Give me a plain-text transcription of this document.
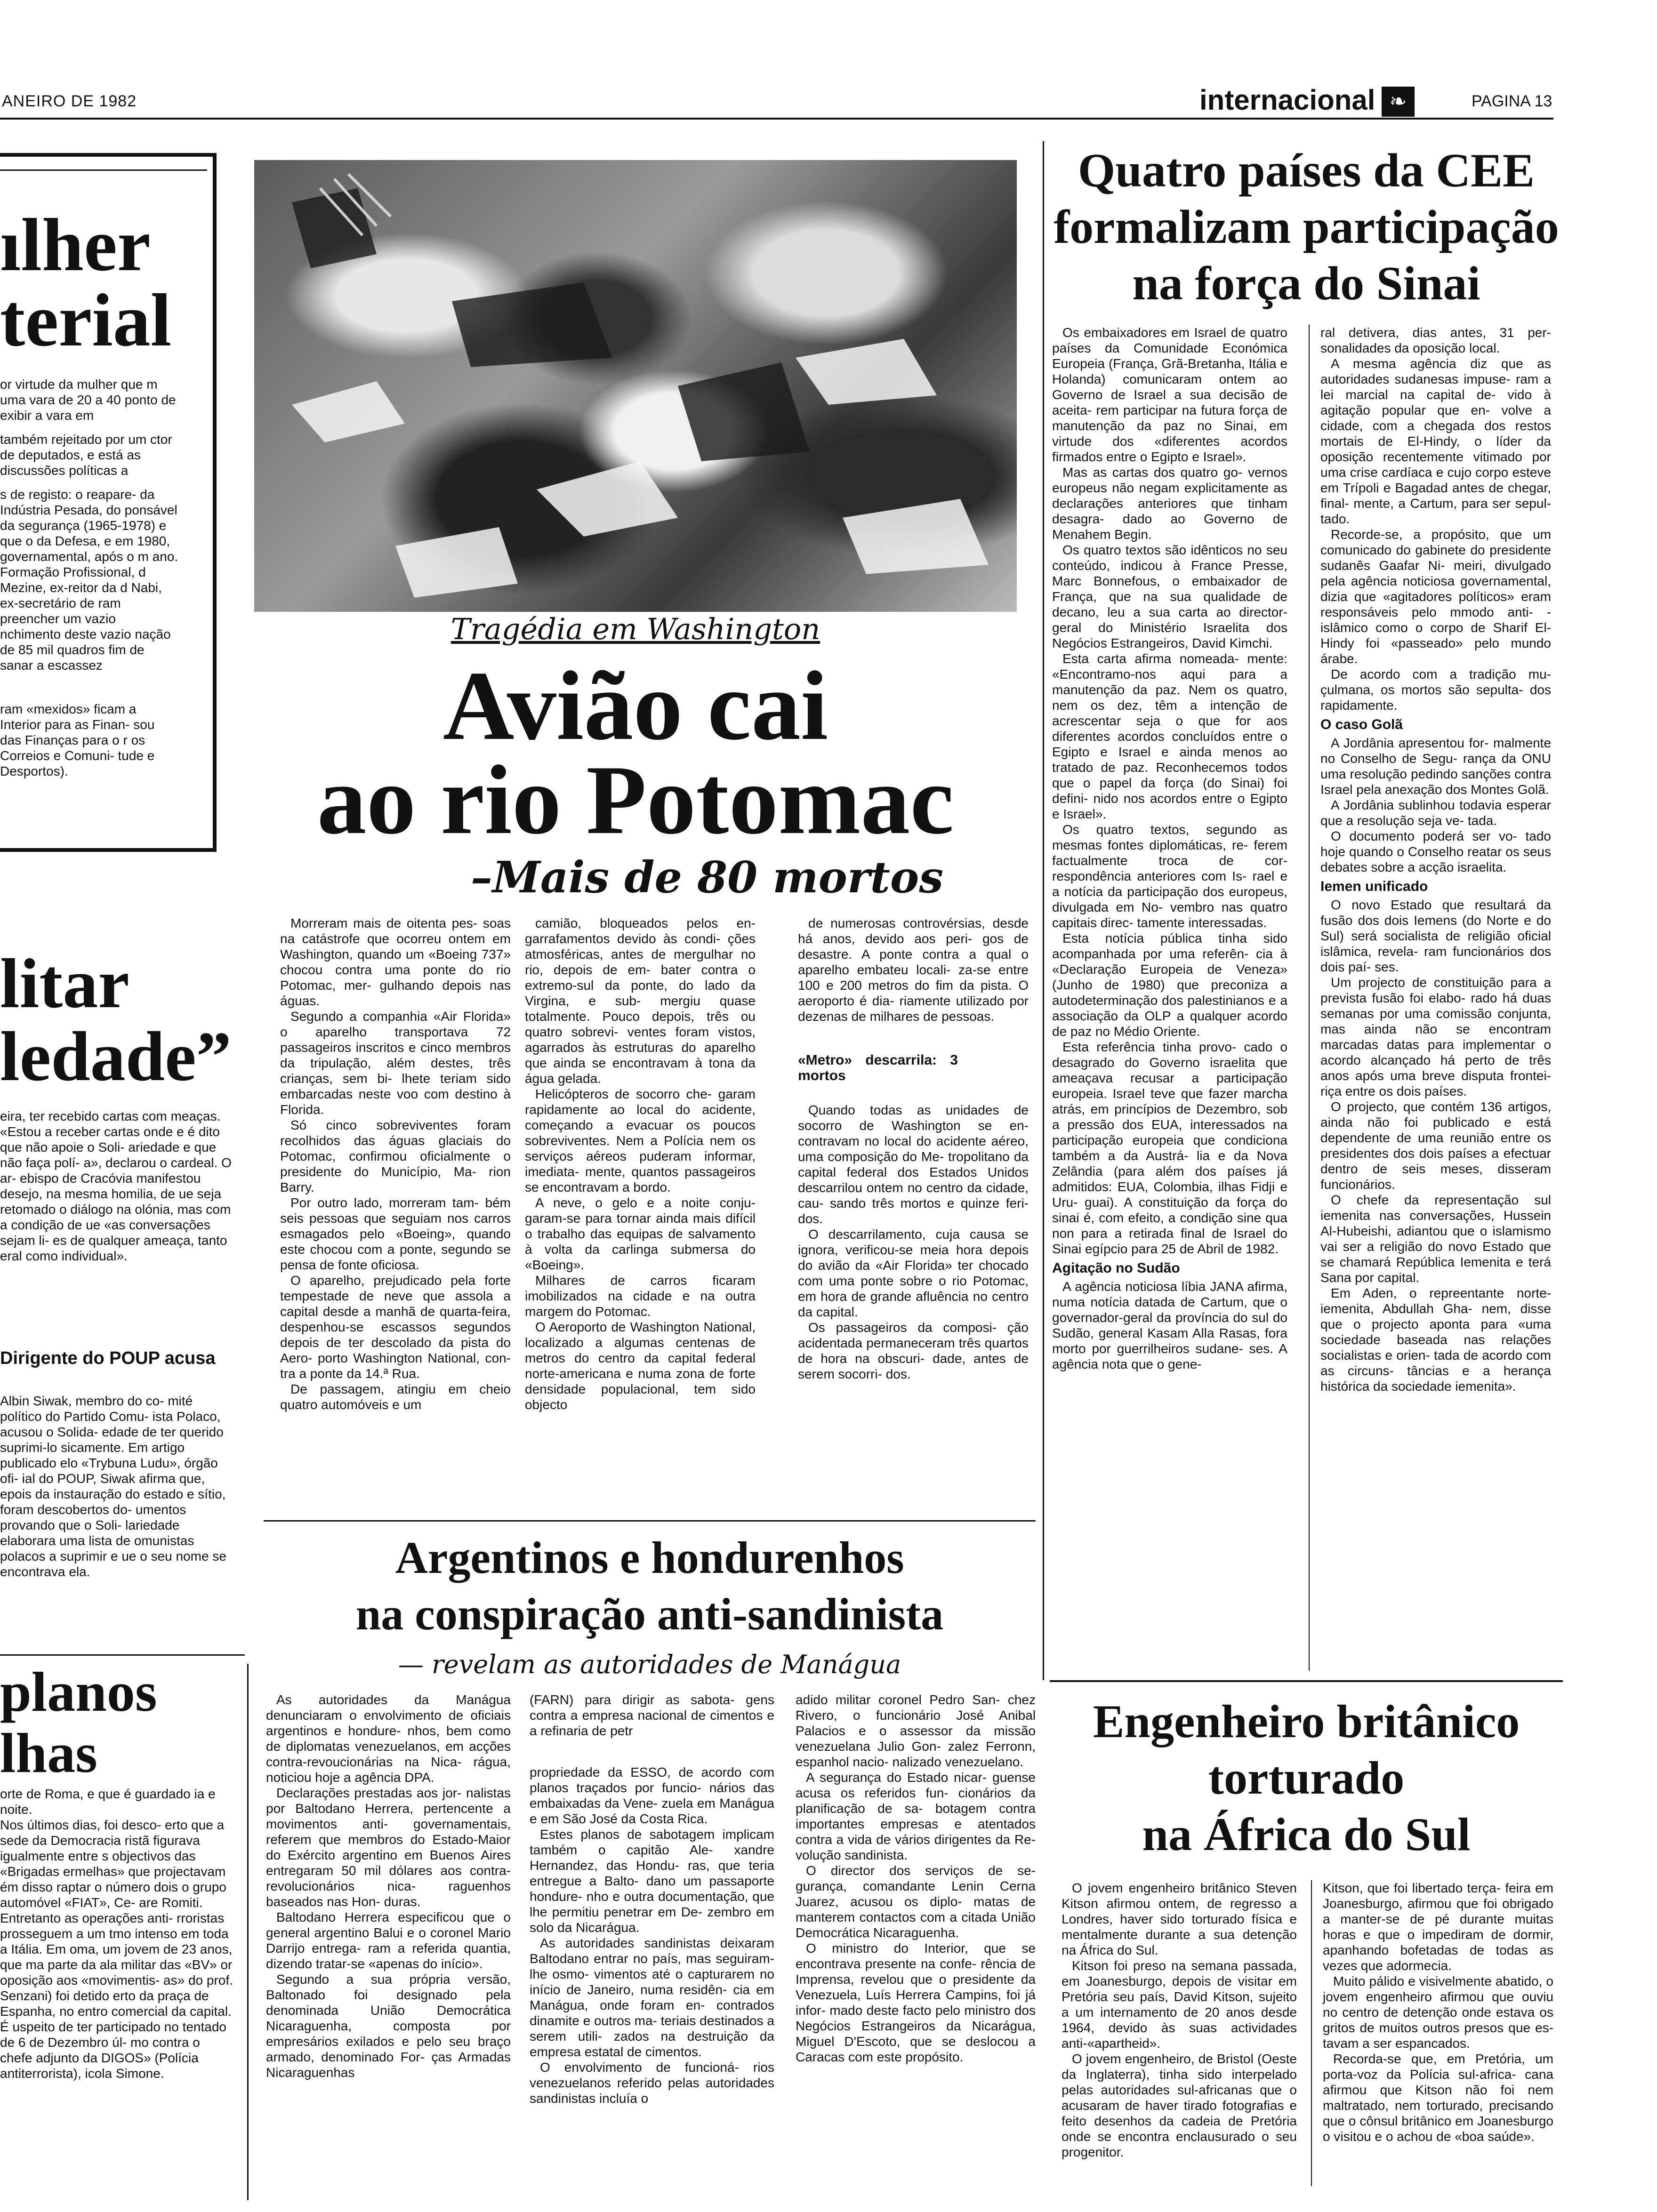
ANEIRO DE 1982	internacional ❧	PAGINA 13
ılher
terial

or virtude da mulher que m uma vara de 20 a 40 ponto de exibir a vara em

também rejeitado por um ctor de deputados, e está as discussões políticas a

s de registo: o reapare- da Indústria Pesada, do ponsável da segurança (1965-1978) e que o da Defesa, e em 1980, governamental, após o m ano.

Formação Profissional, d Mezine, ex-reitor da d Nabi, ex-secretário de ram preencher um vazio nchimento deste vazio nação de 85 mil quadros fim de sanar a escassez

ram «mexidos» ficam a Interior para as Finan- sou das Finanças para o r os Correios e Comuni- tude e Desportos).

litar
ledade”

eira, ter recebido cartas com meaças.

«Estou a receber cartas onde e é dito que não apoie o Soli- ariedade e que não faça polí- a», declarou o cardeal. O ar- ebispo de Cracóvia manifestou desejo, na mesma homilia, de ue seja retomado o diálogo na olónia, mas com a condição de ue «as conversações sejam li- es de qualquer ameaça, tanto eral como individual».

Dirigente do POUP acusa

Albin Siwak, membro do co- mité político do Partido Comu- ista Polaco, acusou o Solida- edade de ter querido suprimi-lo sicamente. Em artigo publicado elo «Trybuna Ludu», órgão ofi- ial do POUP, Siwak afirma que, epois da instauração do estado e sítio, foram descobertos do- umentos provando que o Soli- lariedade elaborara uma lista de omunistas polacos a suprimir e ue o seu nome se encontrava ela.

planos
lhas

orte de Roma, e que é guardado ia e noite.

Nos últimos dias, foi desco- erto que a sede da Democracia ristã figurava igualmente entre s objectivos das «Brigadas ermelhas» que projectavam ém disso raptar o número dois o grupo automóvel «FIAT», Ce- are Romiti.

Entretanto as operações anti- rroristas prosseguem a um tmo intenso em toda a Itália. Em oma, um jovem de 23 anos, que ma parte da ala militar das «BV» or oposição aos «movimentis- as» do prof. Senzani) foi detido erto da praça de Espanha, no entro comercial da capital. É uspeito de ter participado no tentado de 6 de Dezembro úl- mo contra o chefe adjunto da DIGOS» (Polícia antiterrorista), icola Simone.

Tragédia em Washington
Avião cai
ao rio Potomac
–Mais de 80 mortos

Morreram mais de oitenta pes- soas na catástrofe que ocorreu ontem em Washington, quando um «Boeing 737» chocou contra uma ponte do rio Potomac, mer- gulhando depois nas águas.

Segundo a companhia «Air Florida» o aparelho transportava 72 passageiros inscritos e cinco membros da tripulação, além destes, três crianças, sem bi- lhete teriam sido embarcadas neste voo com destino à Florida.

Só cinco sobreviventes foram recolhidos das águas glaciais do Potomac, confirmou oficialmente o presidente do Município, Ma- rion Barry.

Por outro lado, morreram tam- bém seis pessoas que seguiam nos carros esmagados pelo «Boeing», quando este chocou com a ponte, segundo se pensa de fonte oficiosa.

O aparelho, prejudicado pela forte tempestade de neve que assola a capital desde a manhã de quarta-feira, despenhou-se escassos segundos depois de ter descolado da pista do Aero- porto Washington National, con- tra a ponte da 14.ª Rua.

De passagem, atingiu em cheio quatro automóveis e um

camião, bloqueados pelos en- garrafamentos devido às condi- ções atmosféricas, antes de mergulhar no rio, depois de em- bater contra o extremo-sul da ponte, do lado da Virgina, e sub- mergiu quase totalmente. Pouco depois, três ou quatro sobrevi- ventes foram vistos, agarrados às estruturas do aparelho que ainda se encontravam à tona da água gelada.

Helicópteros de socorro che- garam rapidamente ao local do acidente, começando a evacuar os poucos sobreviventes. Nem a Polícia nem os serviços aéreos puderam informar, imediata- mente, quantos passageiros se encontravam a bordo.

A neve, o gelo e a noite conju- garam-se para tornar ainda mais difícil o trabalho das equipas de salvamento à volta da carlinga submersa do «Boeing».

Milhares de carros ficaram imobilizados na cidade e na outra margem do Potomac.

O Aeroporto de Washington National, localizado a algumas centenas de metros do centro da capital federal norte-americana e numa zona de forte densidade populacional, tem sido objecto

de numerosas controvérsias, desde há anos, devido aos peri- gos de desastre. A ponte contra a qual o aparelho embateu locali- za-se entre 100 e 200 metros do fim da pista. O aeroporto é dia- riamente utilizado por dezenas de milhares de pessoas.

«Metro» descarrila: 3 mortos

Quando todas as unidades de socorro de Washington se en- contravam no local do acidente aéreo, uma composição do Me- tropolitano da capital federal dos Estados Unidos descarrilou ontem no centro da cidade, cau- sando três mortos e quinze feri- dos.

O descarrilamento, cuja causa se ignora, verificou-se meia hora depois do avião da «Air Florida» ter chocado com uma ponte sobre o rio Potomac, em hora de grande afluência no centro da capital.

Os passageiros da composi- ção acidentada permaneceram três quartos de hora na obscuri- dade, antes de serem socorri- dos.

Quatro países da CEE
formalizam participação
na força do Sinai

Os embaixadores em Israel de quatro países da Comunidade Económica Europeia (França, Grã-Bretanha, Itália e Holanda) comunicaram ontem ao Governo de Israel a sua decisão de aceita- rem participar na futura força de manutenção da paz no Sinai, em virtude dos «diferentes acordos firmados entre o Egipto e Israel».

Mas as cartas dos quatro go- vernos europeus não negam explicitamente as declarações anteriores que tinham desagra- dado ao Governo de Menahem Begin.

Os quatro textos são idênticos no seu conteúdo, indicou à France Presse, Marc Bonnefous, o embaixador de França, que na sua qualidade de decano, leu a sua carta ao director-geral do Ministério Israelita dos Negócios Estrangeiros, David Kimchi.

Esta carta afirma nomeada- mente: «Encontramo-nos aqui para a manutenção da paz. Nem os quatro, nem os dez, têm a intenção de acrescentar seja o que for aos diferentes acordos concluídos entre o Egipto e Israel e ainda menos ao tratado de paz. Reconhecemos todos que o papel da força (do Sinai) foi defini- nido nos acordos entre o Egipto e Israel».

Os quatro textos, segundo as mesmas fontes diplomáticas, re- ferem factualmente troca de cor- respondência anteriores com Is- rael e a notícia da participação dos europeus, divulgada em No- vembro nas quatro capitais direc- tamente interessadas.

Esta notícia pública tinha sido acompanhada por uma referên- cia à «Declaração Europeia de Veneza» (Junho de 1980) que preconiza a autodeterminação dos palestinianos e a associação da OLP a qualquer acordo de paz no Médio Oriente.

Esta referência tinha provo- cado o desagrado do Governo israelita que ameaçava recusar a participação europeia. Israel teve que fazer marcha atrás, em princípios de Dezembro, sob a pressão dos EUA, interessados na participação europeia que condiciona também a da Austrá- lia e da Nova Zelândia (para além dos países já admitidos: EUA, Colombia, ilhas Fidji e Uru- guai). A constituição da força do sinai é, com efeito, a condição sine qua non para a retirada final de Israel do Sinai egípcio para 25 de Abril de 1982.

Agitação no Sudão

A agência noticiosa líbia JANA afirma, numa notícia datada de Cartum, que o governador-geral da província do sul do Sudão, general Kasam Alla Rasas, fora morto por guerrilheiros sudane- ses. A agência nota que o gene-

ral detivera, dias antes, 31 per- sonalidades da oposição local.

A mesma agência diz que as autoridades sudanesas impuse- ram a lei marcial na capital de- vido à agitação popular que en- volve a cidade, com a chegada dos restos mortais de El-Hindy, o líder da oposição recentemente vitimado por uma crise cardíaca e cujo corpo esteve em Trípoli e Bagadad antes de chegar, final- mente, a Cartum, para ser sepul- tado.

Recorde-se, a propósito, que um comunicado do gabinete do presidente sudanês Gaafar Ni- meiri, divulgado pela agência noticiosa governamental, dizia que «agitadores políticos» eram responsáveis pelo mmodo anti- -islâmico como o corpo de Sharif El-Hindy foi «passeado» pelo mundo árabe.

De acordo com a tradição mu- çulmana, os mortos são sepulta- dos rapidamente.

O caso Golã

A Jordânia apresentou for- malmente no Conselho de Segu- rança da ONU uma resolução pedindo sanções contra Israel pela anexação dos Montes Golã.

A Jordânia sublinhou todavia esperar que a resolução seja ve- tada.

O documento poderá ser vo- tado hoje quando o Conselho reatar os seus debates sobre a acção israelita.

Iemen unificado

O novo Estado que resultará da fusão dos dois Iemens (do Norte e do Sul) será socialista de religião oficial islâmica, revela- ram funcionários dos dois paí- ses.

Um projecto de constituição para a prevista fusão foi elabo- rado há duas semanas por uma comissão conjunta, mas ainda não se encontram marcadas datas para implementar o acordo alcançado há perto de três anos após uma breve disputa frontei- riça entre os dois países.

O projecto, que contém 136 artigos, ainda não foi publicado e está dependente de uma reunião entre os presidentes dos dois países a efectuar dentro de seis meses, disseram funcionários.

O chefe da representação sul iemenita nas conversações, Hussein Al-Hubeishi, adiantou que o islamismo vai ser a religião do novo Estado que se chamará República Iemenita e terá Sana por capital.

Em Aden, o repreentante norte-iemenita, Abdullah Gha- nem, disse que o projecto aponta para «uma sociedade baseada nas relações socialistas e orien- tada de acordo com as circuns- tâncias e a herança histórica da sociedade iemenita».

Argentinos e hondurenhos
na conspiração anti-sandinista
— revelam as autoridades de Manágua

As autoridades da Manágua denunciaram o envolvimento de oficiais argentinos e hondure- nhos, bem como de diplomatas venezuelanos, em acções contra-revoucionárias na Nica- rágua, noticiou hoje a agência DPA.

Declarações prestadas aos jor- nalistas por Baltodano Herrera, pertencente a movimentos anti- governamentais, referem que membros do Estado-Maior do Exército argentino em Buenos Aires entregaram 50 mil dólares aos contra-revolucionários nica- raguenhos baseados nas Hon- duras.

Baltodano Herrera especificou que o general argentino Balui e o coronel Mario Darrijo entrega- ram a referida quantia, dizendo tratar-se «apenas do início».

Segundo a sua própria versão, Baltonado foi designado pela denominada União Democrática Nicaraguenha, composta por empresários exilados e pelo seu braço armado, denominado For- ças Armadas Nicaraguenhas

(FARN) para dirigir as sabota- gens contra a empresa nacional de cimentos e a refinaria de petr

propriedade da ESSO, de acordo com planos traçados por funcio- nários das embaixadas da Vene- zuela em Manágua e em São José da Costa Rica.

Estes planos de sabotagem implicam também o capitão Ale- xandre Hernandez, das Hondu- ras, que teria entregue a Balto- dano um passaporte hondure- nho e outra documentação, que lhe permitiu penetrar em De- zembro em solo da Nicarágua.

As autoridades sandinistas deixaram Baltodano entrar no país, mas seguiram-lhe osmo- vimentos até o capturarem no início de Janeiro, numa residên- cia em Manágua, onde foram en- contrados dinamite e outros ma- teriais destinados a serem utili- zados na destruição da empresa estatal de cimentos.

O envolvimento de funcioná- rios venezuelanos referido pelas autoridades sandinistas incluía o

adido militar coronel Pedro San- chez Rivero, o funcionário José Anibal Palacios e o assessor da missão venezuelana Julio Gon- zalez Ferronn, espanhol nacio- nalizado venezuelano.

A segurança do Estado nicar- guense acusa os referidos fun- cionários da planificação de sa- botagem contra importantes empresas e atentados contra a vida de vários dirigentes da Re- volução sandinista.

O director dos serviços de se- gurança, comandante Lenin Cerna Juarez, acusou os diplo- matas de manterem contactos com a citada União Democrática Nicaraguenha.

O ministro do Interior, que se encontrava presente na confe- rência de Imprensa, revelou que o presidente da Venezuela, Luís Herrera Campins, foi já infor- mado deste facto pelo ministro dos Negócios Estrangeiros da Nicarágua, Miguel D'Escoto, que se deslocou a Caracas com este propósito.

Engenheiro britânico
torturado
na África do Sul

O jovem engenheiro britânico Steven Kitson afirmou ontem, de regresso a Londres, haver sido torturado física e mentalmente durante a sua detenção na África do Sul.

Kitson foi preso na semana passada, em Joanesburgo, depois de visitar em Pretória seu país, David Kitson, sujeito a um internamento de 20 anos desde 1964, devido às suas actividades anti-«apartheid».

O jovem engenheiro, de Bristol (Oeste da Inglaterra), tinha sido interpelado pelas autoridades sul-africanas que o acusaram de haver tirado fotografias e feito desenhos da cadeia de Pretória onde se encontra enclausurado o seu progenitor.

Kitson, que foi libertado terça- feira em Joanesburgo, afirmou que foi obrigado a manter-se de pé durante muitas horas e que o impediram de dormir, apanhando bofetadas de todas as vezes que adormecia.

Muito pálido e visivelmente abatido, o jovem engenheiro afirmou que ouviu no centro de detenção onde estava os gritos de muitos outros presos que es- tavam a ser espancados.

Recorda-se que, em Pretória, um porta-voz da Polícia sul-africa- cana afirmou que Kitson não foi nem maltratado, nem torturado, precisando que o cônsul britânico em Joanesburgo o visitou e o achou de «boa saúde».
